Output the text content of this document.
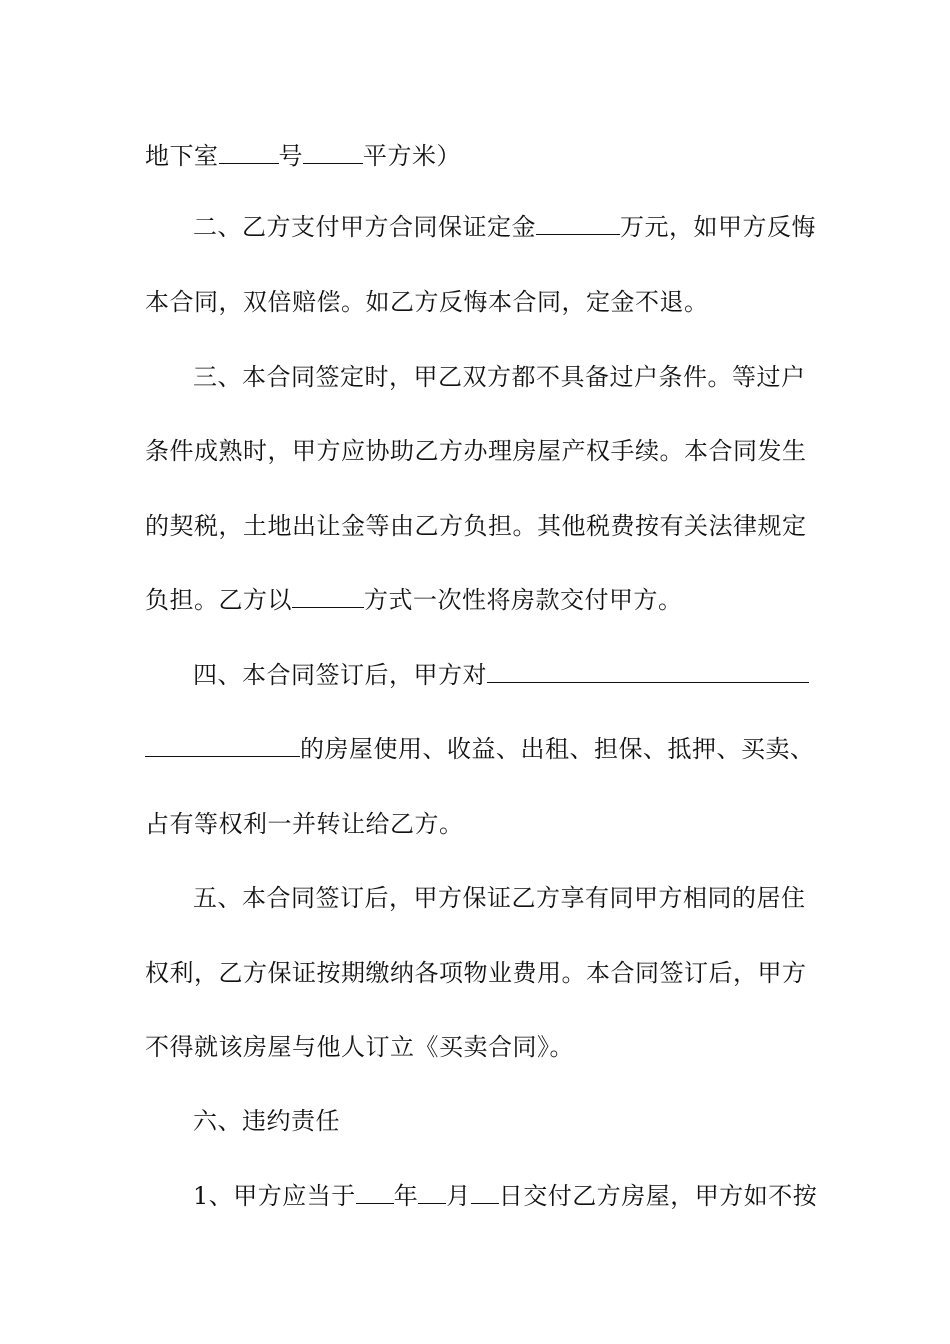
地下室	号	平方米）
二、乙方支付甲方合同保证定金	万元，如甲方反悔
本合同，双倍赔偿。如乙方反悔本合同，定金不退。
三、本合同签定时，甲乙双方都不具备过户条件。等过户
条件成熟时，甲方应协助乙方办理房屋产权手续。本合同发生
的契税，土地出让金等由乙方负担。其他税费按有关法律规定
负担。乙方以	方式一次性将房款交付甲方。
四、本合同签订后，甲方对
的房屋使用、收益、出租、担保、抵押、买卖、
占有等权利一并转让给乙方。
五、本合同签订后，甲方保证乙方享有同甲方相同的居住
权利，乙方保证按期缴纳各项物业费用。本合同签订后，甲方
不得就该房屋与他人订立《买卖合同》。
六、违约责任
1、甲方应当于 年 月 日交付乙方房屋，甲方如不按
